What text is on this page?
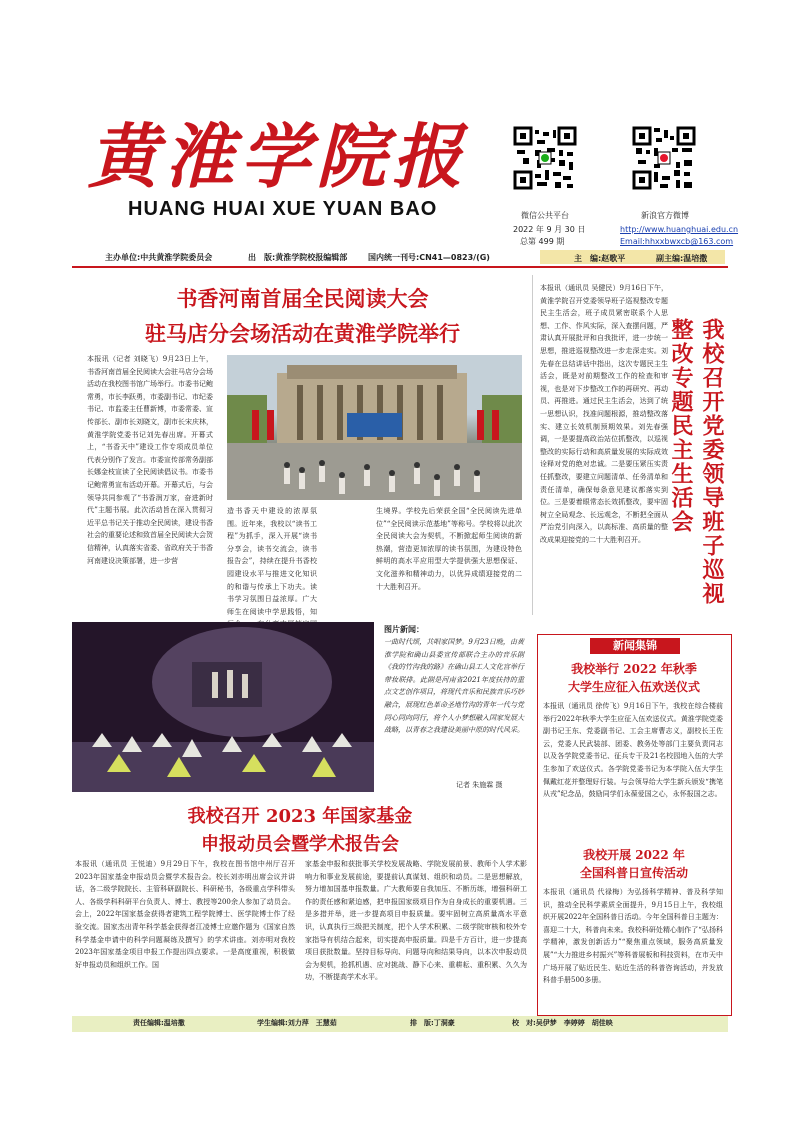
黄淮学院报
HUANG HUAI XUE YUAN BAO	微信公共平台	新浪官方微博
2022 年 9 月 30 日
总第 499 期
http://www.huanghuai.edu.cn
Email:hhxxbwxcb@163.com
主办单位:中共黄淮学院委员会	出　版:黄淮学院校报编辑部	国内统一刊号:CN41—0823/(G)	主　编:赵歌平	副主编:温培撒
书香河南首届全民阅读大会
驻马店分会场活动在黄淮学院举行
本报讯（记者 刘晓飞）9月23日上午，书香河南首届全民阅读大会驻马店分会场活动在我校图书馆广场举行。市委书记鲍常勇，市长李跃勇，市委副书记、市纪委书记、市监委主任曹新博，市委常委、宣传部长、副市长刘晓文，副市长宋庆林，黄淮学院党委书记刘先春出席。开幕式上，“书香天中”建设工作专项成员单位代表分别作了发言。市委宣传部常务副部长娜金枝宣读了全民阅读倡议书。市委书记鲍常勇宣布活动开幕。开幕式后，与会领导共同参观了“书香润万家，奋进新时代”主题书展。此次活动旨在深入贯彻习近平总书记关于推动全民阅读，建设书香社会的重要论述和致首届全民阅读大会贺信精神，认真落实省委、省政府关于书香河南建设决策部署，进一步营
造书香天中建设的浓厚氛围。近年来，我校以“读书工程”为抓手，深入开展“读书分享会，读书交流会，读书报告会”，持续在提升书香校园建设水平与推进文化知识的和谐与传承上下功夫。读书学习氛围日益浓厚。广大师生在阅读中学思践悟，知
生境界。学校先后荣获全国“全民阅读先进单位”“全民阅读示范基地”等称号。学校将以此次全民阅读大会为契机，不断掀起师生阅读的新热潮，营造更加浓厚的读书氛围，为建设特色鲜明的高水平应用型大学提供强大思想保证、文化滋养和精神动力，以优异成绩迎接党的二十大胜利召开。
本报讯（通讯员 吴健民）9月16日下午，黄淮学院召开党委领导班子巡视整改专题民主生活会，班子成员紧密联系个人思想、工作、作风实际，深入查摆问题，严肃认真开展批评和自我批评，进一步统一思想，推进巡视整改进一步走深走实。刘先春在总结讲话中指出，这次专题民主生活会，既是对前期整改工作的检查和审视，也是对下步整改工作的再研究、再动员、再推进。通过民主生活会，达到了统一思想认识，找准问题根源，推动整改落实、建立长效机制预期效果。刘先春强调，一是要提高政治站位抓整改，以巡视整改的实际行动和高质量发展的实际成效诠释对党的绝对忠诚。二是要压紧压实责任抓整改，要建立问题清单、任务清单和责任清单，确保每条意见建议都落实到位。三是要着眼常态长效抓整改，要牢固树立全局观念、长远观念，不断把全面从严治党引向深入，以高标准、高质量的整改成果迎接党的二十大胜利召开。	我校召开党委领导班子巡视整改专题民主生活会
图片新闻：
一曲时代颂，共唱家国梦。9月23日晚，由黄淮学院和确山县委宣传部联合主办的音乐剧《我的竹沟我的路》在确山县工人文化宫举行带妆联排。此剧是河南省2021年度扶持的重点文艺创作项目，将现代音乐和民族音乐巧妙融合，展现红色革命圣地竹沟的青年一代与党同心同向同行，将个人小梦想融入国家发展大战略，以青春之我建设美丽中原的时代风采。
记者 朱施霖 摄
新闻集锦
我校举行 2022 年秋季
大学生应征入伍欢送仪式
本报讯（通讯员 徐传飞）9月16日下午，我校在综合楼前举行2022年秋季大学生应征入伍欢送仪式。黄淮学院党委副书记王东、党委副书记、工会主席曹志义，副校长王佐云，党委人民武装部、团委、教务处等部门主要负责同志以及各学院党委书记、征兵专干及21名校园地入伍的大学生参加了欢送仪式。各学院党委书记为本学院入伍大学生佩戴红花并整理好行装。与会领导给大学生新兵颁发“携笔从戎”纪念品，鼓励同学们永葆爱国之心，永怀报国之志。
我校开展 2022 年
全国科普日宣传活动
本报讯（通讯员 代禄梅）为弘扬科学精神、普及科学知识，推动全民科学素质全面提升，9月15日上午，我校组织开展2022年全国科普日活动。今年全国科普日主题为：喜迎二十大，科普向未来。我校科研处精心制作了“弘扬科学精神，激发创新活力”“聚焦重点领域，服务高质量发展”“大力推进乡村振兴”等科普展板和科技资料，在市天中广场开展了贴近民生、贴近生活的科普咨询活动，并发放科普手册500多册。
我校召开 2023 年国家基金
申报动员会暨学术报告会
本报讯（通讯员 王悦迪）9月29日下午，我校在图书馆中州厅召开2023年国家基金申报动员会暨学术报告会。校长刘亦明出席会议并讲话，各二级学院院长、主管科研副院长、科研秘书，各级重点学科带头人、各级学科科研平台负责人、博士、教授等200余人参加了动员会。会上，2022年国家基金获得者建筑工程学院博士、医学院博士作了经验交流。国家杰出青年科学基金获得者江凌博士应邀作题为《国家自然科学基金申请中的科学问题凝练及撰写》的学术讲座。刘亦明对我校2023年国家基金项目申报工作提出四点要求。一是高度重视，积极做好申报动员和组织工作。国
家基金申报和获批事关学校发展战略、学院发展前景、教师个人学术影响力和事业发展前途，要提前认真谋划、组织和动员。二是思想解放，努力增加国基申报数量。广大教师要自我加压、不断历练，增强科研工作的责任感和紧迫感，把申报国家级项目作为自身成长的重要机遇。三是多措并举，进一步提高项目申报质量。要牢固树立高质量高水平意识，认真执行三级把关制度，把个人学术积累、二级学院审核和校外专家指导有机结合起来，切实提高申报质量。四是千方百计，进一步提高项目获批数量。坚持目标导向、问题导向和结果导向，以本次申报动员会为契机，抢抓机遇、应对挑战、静下心来、重耕耘、重积累、久久为功，不断提高学术水平。
责任编辑:温培撒	学生编辑:刘力萍　王慧茹	排　版:丁洞豪	校　对:吴伊梦　李婷婷　胡佳映
